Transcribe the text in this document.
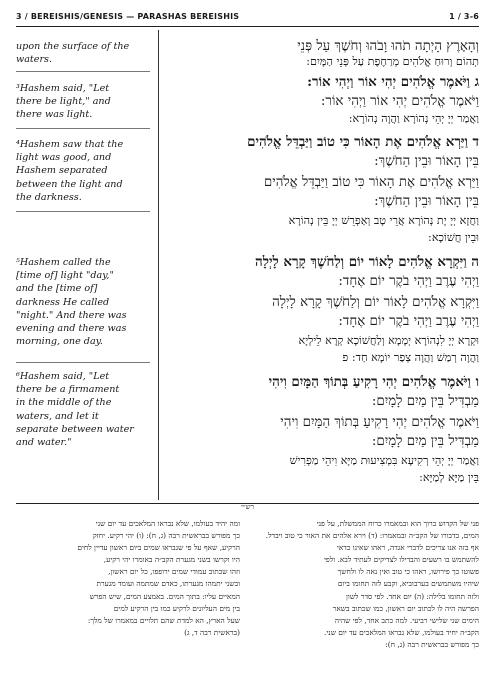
3 / BEREISHIS/GENESIS — PARASHAS BEREISHIS	1 / 3-6
upon the surface of the
waters.
³Hashem said, "Let
there be light," and
there was light.
⁴Hashem saw that the
light was good, and
Hashem separated
between the light and
the darkness.
⁵Hashem called the
[time of] light "day,"
and the [time of]
darkness He called
"night." And there was
evening and there was
morning, one day.
⁶Hashem said, "Let
there be a firmament
in the middle of the
waters, and let it
separate between water
and water."
וְהָאָרֶץ הָיְתָה תֹהוּ וָבֹהוּ וְחֹשֶׁךְ עַל פְּנֵי
תְהוֹם וְרוּחַ אֱלֹהִים מְרַחֶפֶת עַל פְּנֵי הַמָּיִם:
ג וַיֹּאמֶר אֱלֹהִים יְהִי אוֹר וַיְהִי אוֹר:
וַיֹּאמֶר אֱלֹהִים יְהִי אוֹר וַיְהִי אוֹר:
וַאֲמַר יְיָ יְהֵי נְהוֹרָא וַהֲוָה נְהוֹרָא:
ד וַיַּרְא אֱלֹהִים אֶת הָאוֹר כִּי טוֹב וַיַּבְדֵּל אֱלֹהִים
בֵּין הָאוֹר וּבֵין הַחֹשֶׁךְ:
וַיַּרְא אֱלֹהִים אֶת הָאוֹר כִּי טוֹב וַיַּבְדֵּל אֱלֹהִים
בֵּין הָאוֹר וּבֵין הַחֹשֶׁךְ:
וַחֲזָא יְיָ יָת נְהוֹרָא אֲרֵי טָב וְאַפְרֵשׁ יְיָ בֵּין נְהוֹרָא
וּבֵין חֲשׁוֹכָא:
ה וַיִּקְרָא אֱלֹהִים לָאוֹר יוֹם וְלַחֹשֶׁךְ קָרָא לָיְלָה
וַיְהִי עֶרֶב וַיְהִי בֹקֶר יוֹם אֶחָד:
וַיִּקְרָא אֱלֹהִים לָאוֹר יוֹם וְלַחֹשֶׁךְ קָרָא לָיְלָה
וַיְהִי עֶרֶב וַיְהִי בֹקֶר יוֹם אֶחָד:
וּקְרָא יְיָ לִנְהוֹרָא יְמָמָא וְלַחֲשׁוֹכָא קְרָא לֵילְיָא
וַהֲוָה רְמַשׁ וַהֲוָה צְפַר יוֹמָא חַד: פ
ו וַיֹּאמֶר אֱלֹהִים יְהִי רָקִיעַ בְּתוֹךְ הַמָּיִם וִיהִי
מַבְדִּיל בֵּין מַיִם לָמָיִם:
וַיֹּאמֶר אֱלֹהִים יְהִי רָקִיעַ בְּתוֹךְ הַמָּיִם וִיהִי
מַבְדִּיל בֵּין מַיִם לָמָיִם:
וַאֲמַר יְיָ יְהֵי רְקִיעָא בִּמְצִיעוּת מַיָּא וִיהֵי מַפְרִישׁ
בֵּין מַיָּא לְמַיָּא:
רש״י
פני של הקדוש ברוך הוא ובמאמרו כרוח הממשלת, על פני
המים, בדבורו של הקב״ה ובמאמרו: (ד) וירא אלהים את האור כי טוב ויבדל.
אף בזה אנו צריכים לדברי אגדה, ראהו שאינו כדאי
להשתמש בו רשעים והבדילו לצדיקים לעתיד לבא. ולפי
פשוטו כך פירושו, ראהו כי טוב ואין נאה לו ולחשך
שיהיו משתמשים בערבוביא, וקבע לזה תחומו ביום
ולזה תחומו בלילה: (ה) יום אחד. לפי סדר לשון
הפרשה היה לו לכתוב יום ראשון, כמו שכתוב בשאר
הימים שני שלישי רביעי. למה כתב אחד, לפי שהיה
הקב״ה יחיד בעולמו, שלא נבראו המלאכים עד יום שני.
כך מפורש בבראשית רבה (ג, ח):
ומה יהיד בעולמו, שלא נבראו המלאכים עד יום שני
כך מפורש בבראשית רבה (ג, ח): (ו) יהי רקיע. יחזק
הרקיע, שאף על פי שנבראו שמים ביום ראשון עדיין לחים
היו וקרשו בשני מגערת הקב״ה באומרו יהי רקיע,
וזהו שכתוב עמודי שמים ירופפו, כל יום ראשון,
ובשני יתמהו מגערתו, כאדם שמתמה ועומד מגערת
המאיים עליו: בתוך המים. באמצע המים, שיש הפרש
בין מים העליונים לרקיע כמו בין הרקיע למים
שעל הארץ, הא למדת שהם תלויים במאמרו של מלך:
(בראשית רבה ד, ג)
